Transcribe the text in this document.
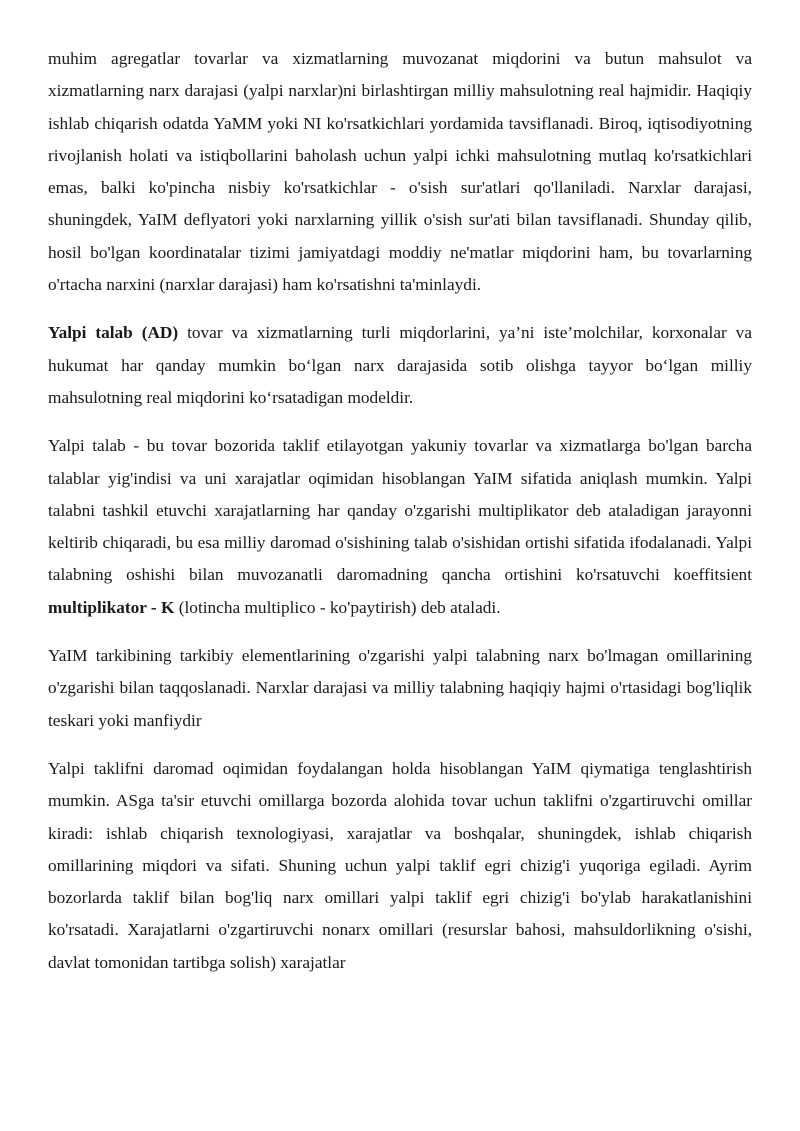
muhim agregatlar tovarlar va xizmatlarning muvozanat miqdorini va butun mahsulot va xizmatlarning narx darajasi (yalpi narxlar)ni birlashtirgan milliy mahsulotning real hajmidir. Haqiqiy ishlab chiqarish odatda YaMM yoki NI ko'rsatkichlari yordamida tavsiflanadi. Biroq, iqtisodiyotning rivojlanish holati va istiqbollarini baholash uchun yalpi ichki mahsulotning mutlaq ko'rsatkichlari emas, balki ko'pincha nisbiy ko'rsatkichlar - o'sish sur'atlari qo'llaniladi. Narxlar darajasi, shuningdek, YaIM deflyatori yoki narxlarning yillik o'sish sur'ati bilan tavsiflanadi. Shunday qilib, hosil bo'lgan koordinatalar tizimi jamiyatdagi moddiy ne'matlar miqdorini ham, bu tovarlarning o'rtacha narxini (narxlar darajasi) ham ko'rsatishni ta'minlaydi.

Yalpi talab (AD) tovar va xizmatlarning turli miqdorlarini, ya’ni iste’molchilar, korxonalar va hukumat har qanday mumkin bo‘lgan narx darajasida sotib olishga tayyor bo‘lgan milliy mahsulotning real miqdorini ko‘rsatadigan modeldir.

Yalpi talab - bu tovar bozorida taklif etilayotgan yakuniy tovarlar va xizmatlarga bo'lgan barcha talablar yig'indisi va uni xarajatlar oqimidan hisoblangan YaIM sifatida aniqlash mumkin. Yalpi talabni tashkil etuvchi xarajatlarning har qanday o'zgarishi multiplikator deb ataladigan jarayonni keltirib chiqaradi, bu esa milliy daromad o'sishining talab o'sishidan ortishi sifatida ifodalanadi. Yalpi talabning oshishi bilan muvozanatli daromadning qancha ortishini ko'rsatuvchi koeffitsient multiplikator - K (lotincha multiplico - ko'paytirish) deb ataladi.

YaIM tarkibining tarkibiy elementlarining o'zgarishi yalpi talabning narx bo'lmagan omillarining o'zgarishi bilan taqqoslanadi. Narxlar darajasi va milliy talabning haqiqiy hajmi o'rtasidagi bog'liqlik teskari yoki manfiydir

Yalpi taklifni daromad oqimidan foydalangan holda hisoblangan YaIM qiymatiga tenglashtirish mumkin. ASga ta'sir etuvchi omillarga bozorda alohida tovar uchun taklifni o'zgartiruvchi omillar kiradi: ishlab chiqarish texnologiyasi, xarajatlar va boshqalar, shuningdek, ishlab chiqarish omillarining miqdori va sifati. Shuning uchun yalpi taklif egri chizig'i yuqoriga egiladi. Ayrim bozorlarda taklif bilan bog'liq narx omillari yalpi taklif egri chizig'i bo'ylab harakatlanishini ko'rsatadi. Xarajatlarni o'zgartiruvchi nonarx omillari (resurslar bahosi, mahsuldorlikning o'sishi, davlat tomonidan tartibga solish) xarajatlar
